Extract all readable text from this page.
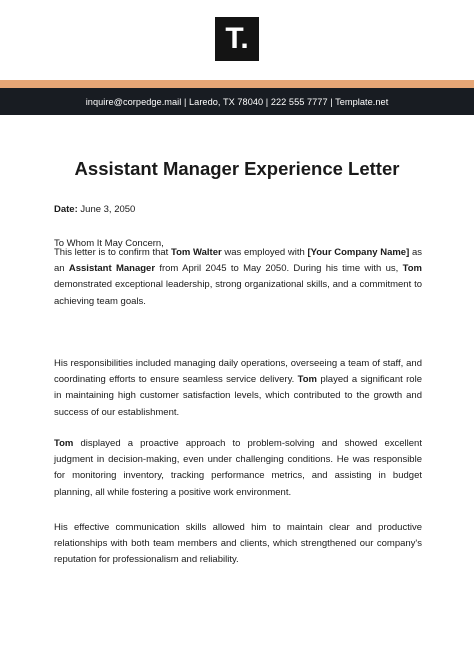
T.
inquire@corpedge.mail | Laredo, TX 78040 | 222 555 7777 | Template.net
Assistant Manager Experience Letter

Date: June 3, 2050

To Whom It May Concern,

This letter is to confirm that Tom Walter was employed with [Your Company Name] as an Assistant Manager from April 2045 to May 2050. During his time with us, Tom demonstrated exceptional leadership, strong organizational skills, and a commitment to achieving team goals.

His responsibilities included managing daily operations, overseeing a team of staff, and coordinating efforts to ensure seamless service delivery. Tom played a significant role in maintaining high customer satisfaction levels, which contributed to the growth and success of our establishment.

Tom displayed a proactive approach to problem-solving and showed excellent judgment in decision-making, even under challenging conditions. He was responsible for monitoring inventory, tracking performance metrics, and assisting in budget planning, all while fostering a positive work environment.

His effective communication skills allowed him to maintain clear and productive relationships with both team members and clients, which strengthened our company's reputation for professionalism and reliability.
